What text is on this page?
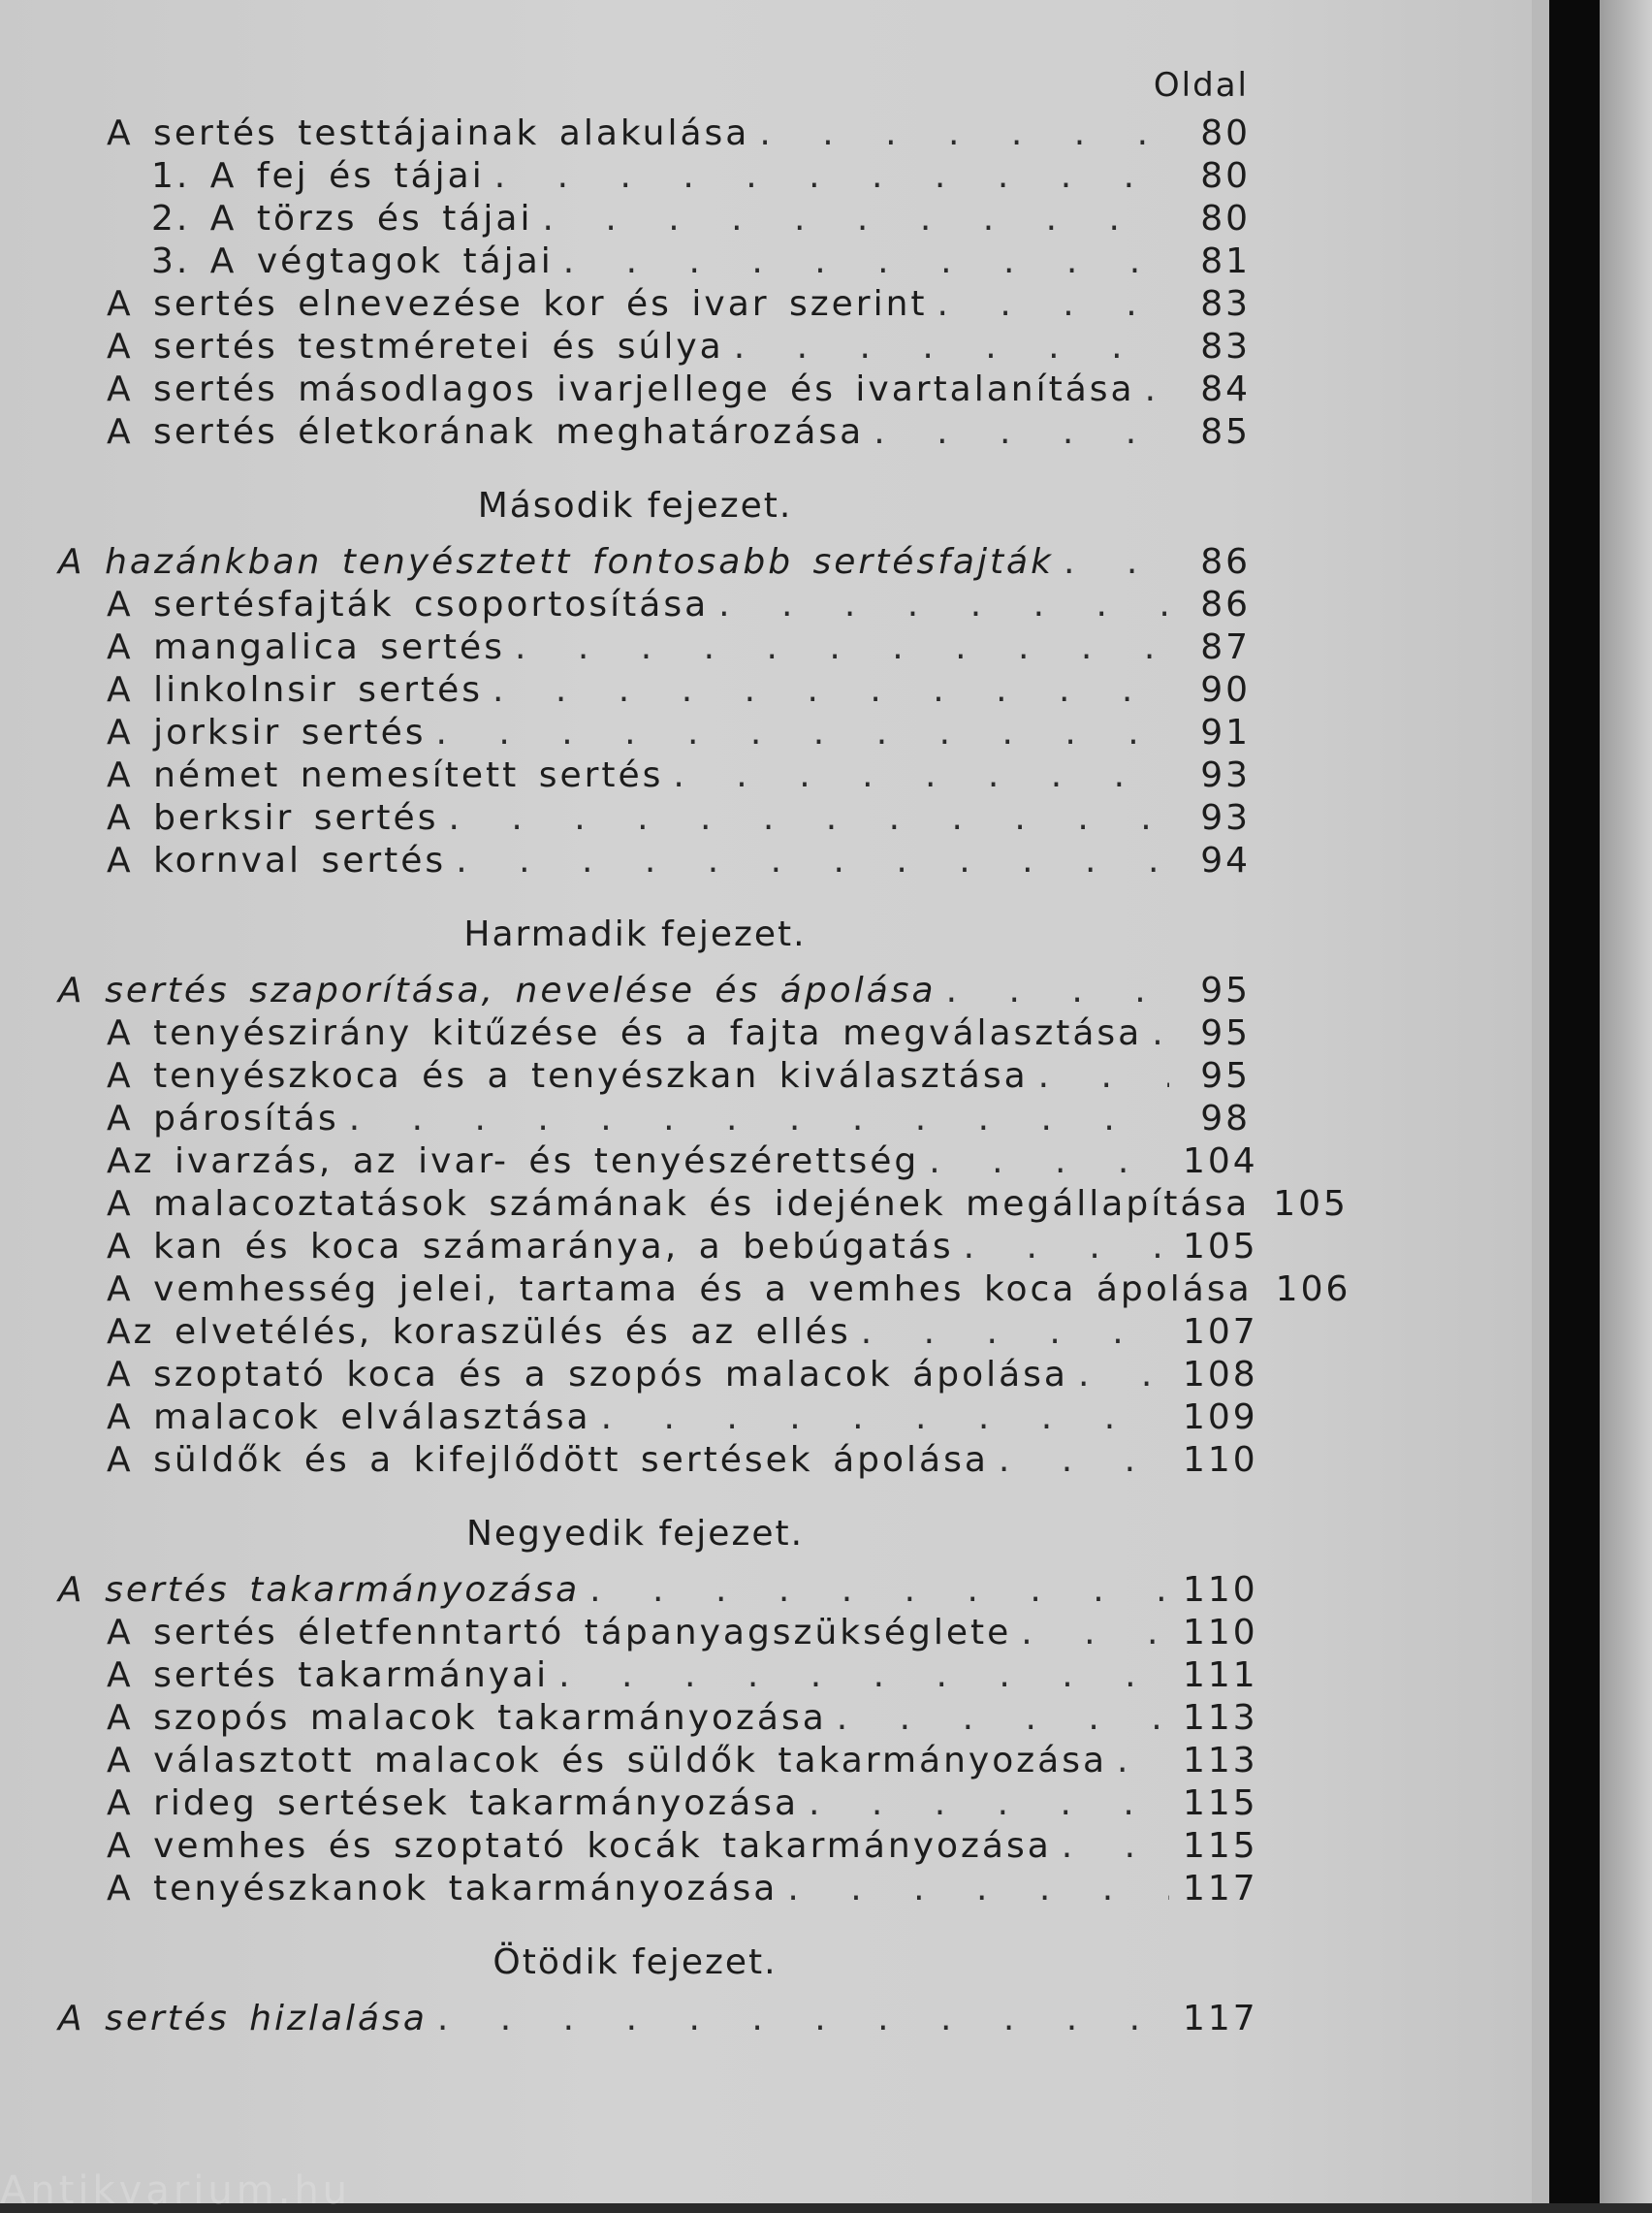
Oldal
A sertés testtájainak alakulása . . .	80
1. A fej és tájai . . .	80
2. A törzs és tájai . . .	80
3. A végtagok tájai . . .	81
A sertés elnevezése kor és ivar szerint . . .	83
A sertés testméretei és súlya . . .	83
A sertés másodlagos ivarjellege és ivartalanítása . . .	84
A sertés életkorának meghatározása . . .	85
Második fejezet.
A hazánkban tenyésztett fontosabb sertésfajták . . .	86
A sertésfajták csoportosítása . . .	86
A mangalica sertés . . .	87
A linkolnsir sertés . . .	90
A jorksir sertés . . .	91
A német nemesített sertés . . .	93
A berksir sertés . . .	93
A kornval sertés . . .	94
Harmadik fejezet.
A sertés szaporítása, nevelése és ápolása . . .	95
A tenyészirány kitűzése és a fajta megválasztása . . .	95
A tenyészkoca és a tenyészkan kiválasztása . . .	95
A párosítás . . .	98
Az ivarzás, az ivar- és tenyészérettség . . .	104
A malacoztatások számának és idejének megállapítása 105
A kan és koca számaránya, a bebúgatás . . .	105
A vemhesség jelei, tartama és a vemhes koca ápolása 106
Az elvetélés, koraszülés és az ellés . . .	107
A szoptató koca és a szopós malacok ápolása . . .	108
A malacok elválasztása . . .	109
A süldők és a kifejlődött sertések ápolása . . .	110
Negyedik fejezet.
A sertés takarmányozása . . .	110
A sertés életfenntartó tápanyagszükséglete . . .	110
A sertés takarmányai . . .	111
A szopós malacok takarmányozása . . .	113
A választott malacok és süldők takarmányozása . . . 113
A rideg sertések takarmányozása . . .	115
A vemhes és szoptató kocák takarmányozása . . .	115
A tenyészkanok takarmányozása . . .	117
Ötödik fejezet.
A sertés hizlalása . . .	117
Antikvarium.hu
